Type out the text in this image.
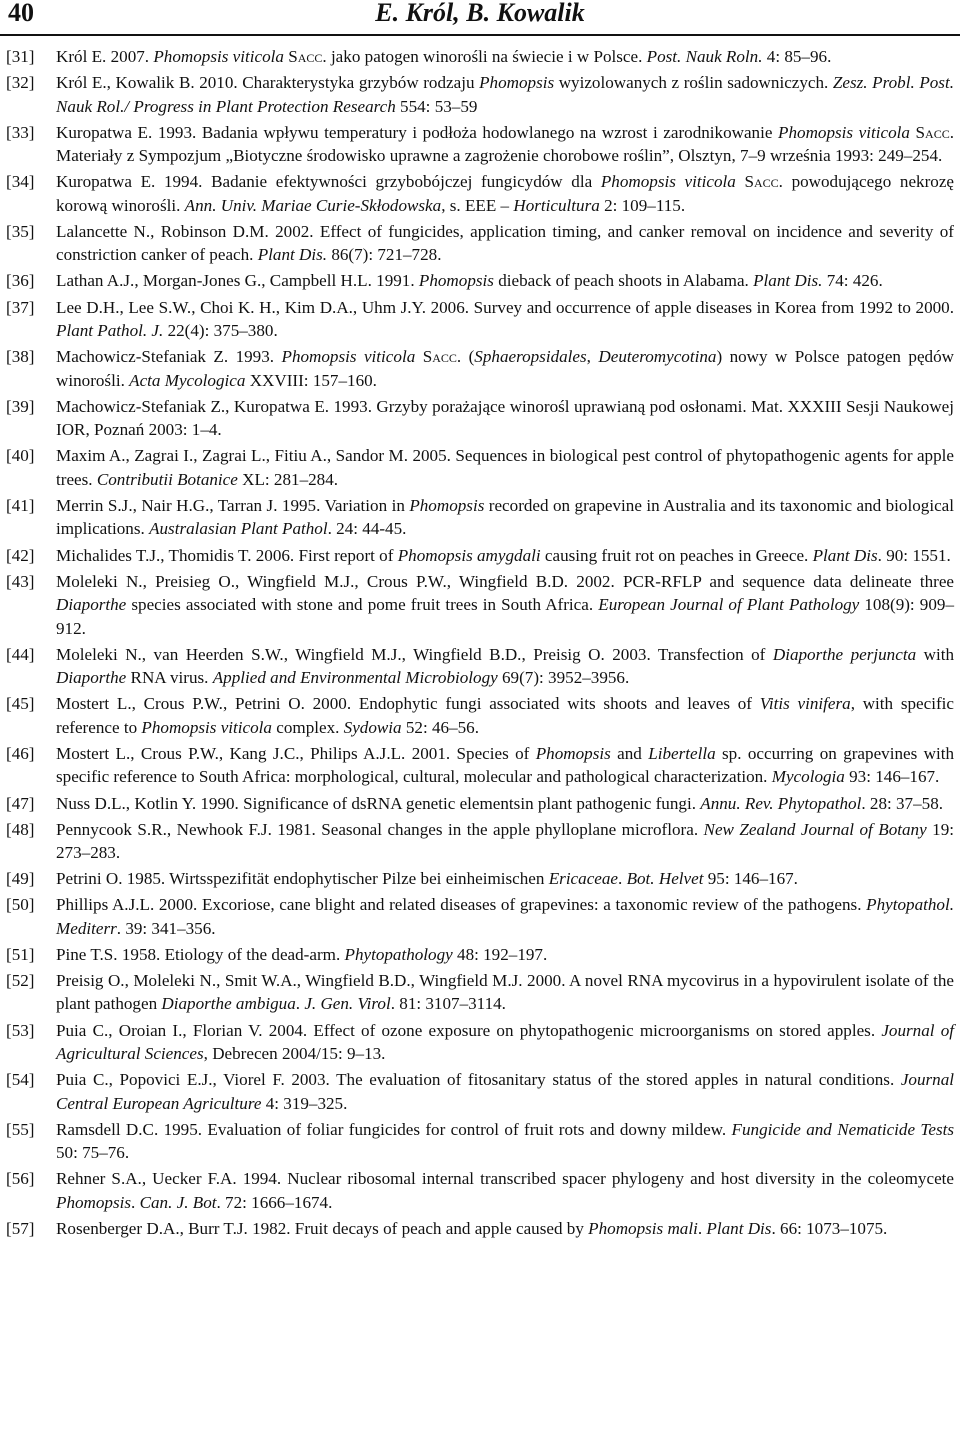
40	E. Król, B. Kowalik
[31] Król E. 2007. Phomopsis viticola Sacc. jako patogen winorośli na świecie i w Polsce. Post. Nauk Roln. 4: 85–96.
[32] Król E., Kowalik B. 2010. Charakterystyka grzybów rodzaju Phomopsis wyizolowanych z roślin sadowniczych. Zesz. Probl. Post. Nauk Rol./ Progress in Plant Protection Research 554: 53–59
[33] Kuropatwa E. 1993. Badania wpływu temperatury i podłoża hodowlanego na wzrost i zarodnikowanie Phomopsis viticola Sacc. Materiały z Sympozjum „Biotyczne środowisko uprawne a zagrożenie chorobowe roślin”, Olsztyn, 7–9 września 1993: 249–254.
[34] Kuropatwa E. 1994. Badanie efektywności grzybobójczej fungicydów dla Phomopsis viticola Sacc. powodującego nekrozę korową winorośli. Ann. Univ. Mariae Curie-Skłodowska, s. EEE – Horticultura 2: 109–115.
[35] Lalancette N., Robinson D.M. 2002. Effect of fungicides, application timing, and canker removal on incidence and severity of constriction canker of peach. Plant Dis. 86(7): 721–728.
[36] Lathan A.J., Morgan-Jones G., Campbell H.L. 1991. Phomopsis dieback of peach shoots in Alabama. Plant Dis. 74: 426.
[37] Lee D.H., Lee S.W., Choi K. H., Kim D.A., Uhm J.Y. 2006. Survey and occurrence of apple diseases in Korea from 1992 to 2000. Plant Pathol. J. 22(4): 375–380.
[38] Machowicz-Stefaniak Z. 1993. Phomopsis viticola Sacc. (Sphaeropsidales, Deuteromycotina) nowy w Polsce patogen pędów winorośli. Acta Mycologica XXVIII: 157–160.
[39] Machowicz-Stefaniak Z., Kuropatwa E. 1993. Grzyby porażające winorośl uprawianą pod osłonami. Mat. XXXIII Sesji Naukowej IOR, Poznań 2003: 1–4.
[40] Maxim A., Zagrai I., Zagrai L., Fitiu A., Sandor M. 2005. Sequences in biological pest control of phytopathogenic agents for apple trees. Contributii Botanice XL: 281–284.
[41] Merrin S.J., Nair H.G., Tarran J. 1995. Variation in Phomopsis recorded on grapevine in Australia and its taxonomic and biological implications. Australasian Plant Pathol. 24: 44-45.
[42] Michalides T.J., Thomidis T. 2006. First report of Phomopsis amygdali causing fruit rot on peaches in Greece. Plant Dis. 90: 1551.
[43] Moleleki N., Preisieg O., Wingfield M.J., Crous P.W., Wingfield B.D. 2002. PCR-RFLP and sequence data delineate three Diaporthe species associated with stone and pome fruit trees in South Africa. European Journal of Plant Pathology 108(9): 909–912.
[44] Moleleki N., van Heerden S.W., Wingfield M.J., Wingfield B.D., Preisig O. 2003. Transfection of Diaporthe perjuncta with Diaporthe RNA virus. Applied and Environmental Microbiology 69(7): 3952–3956.
[45] Mostert L., Crous P.W., Petrini O. 2000. Endophytic fungi associated wits shoots and leaves of Vitis vinifera, with specific reference to Phomopsis viticola complex. Sydowia 52: 46–56.
[46] Mostert L., Crous P.W., Kang J.C., Philips A.J.L. 2001. Species of Phomopsis and Libertella sp. occurring on grapevines with specific reference to South Africa: morphological, cultural, molecular and pathological characterization. Mycologia 93: 146–167.
[47] Nuss D.L., Kotlin Y. 1990. Significance of dsRNA genetic elementsin plant pathogenic fungi. Annu. Rev. Phytopathol. 28: 37–58.
[48] Pennycook S.R., Newhook F.J. 1981. Seasonal changes in the apple phylloplane microflora. New Zealand Journal of Botany 19: 273–283.
[49] Petrini O. 1985. Wirtsspezifität endophytischer Pilze bei einheimischen Ericaceae. Bot. Helvet 95: 146–167.
[50] Phillips A.J.L. 2000. Excoriose, cane blight and related diseases of grapevines: a taxonomic review of the pathogens. Phytopathol. Mediterr. 39: 341–356.
[51] Pine T.S. 1958. Etiology of the dead-arm. Phytopathology 48: 192–197.
[52] Preisig O., Moleleki N., Smit W.A., Wingfield B.D., Wingfield M.J. 2000. A novel RNA mycovirus in a hypovirulent isolate of the plant pathogen Diaporthe ambigua. J. Gen. Virol. 81: 3107–3114.
[53] Puia C., Oroian I., Florian V. 2004. Effect of ozone exposure on phytopathogenic microorganisms on stored apples. Journal of Agricultural Sciences, Debrecen 2004/15: 9–13.
[54] Puia C., Popovici E.J., Viorel F. 2003. The evaluation of fitosanitary status of the stored apples in natural conditions. Journal Central European Agriculture 4: 319–325.
[55] Ramsdell D.C. 1995. Evaluation of foliar fungicides for control of fruit rots and downy mildew. Fungicide and Nematicide Tests 50: 75–76.
[56] Rehner S.A., Uecker F.A. 1994. Nuclear ribosomal internal transcribed spacer phylogeny and host diversity in the coleomycete Phomopsis. Can. J. Bot. 72: 1666–1674.
[57] Rosenberger D.A., Burr T.J. 1982. Fruit decays of peach and apple caused by Phomopsis mali. Plant Dis. 66: 1073–1075.
